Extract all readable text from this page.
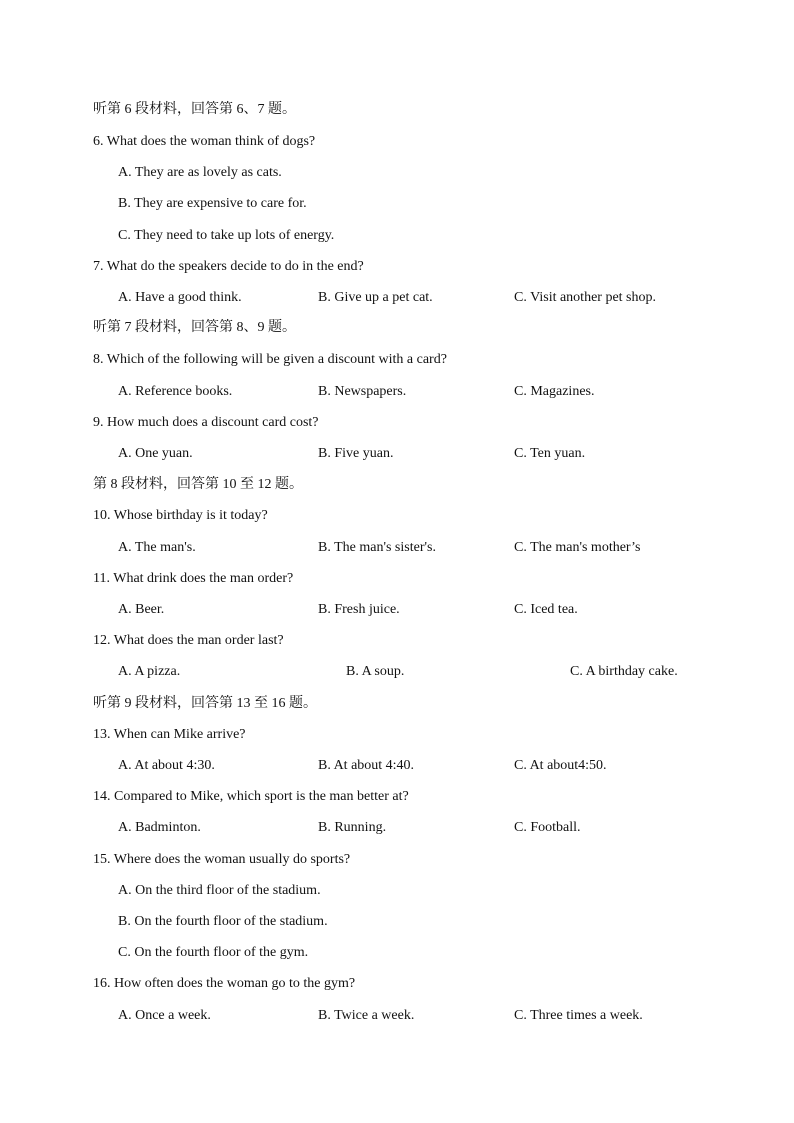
听第 6 段材料，回答第 6、7 题。
6. What does the woman think of dogs?
A. They are as lovely as cats.
B. They are expensive to care for.
C. They need to take up lots of energy.
7. What do the speakers decide to do in the end?
A. Have a good think.	B. Give up a pet cat.	C. Visit another pet shop.
听第 7 段材料，回答第 8、9 题。
8. Which of the following will be given a discount with a card?
A. Reference books.	B. Newspapers.	C. Magazines.
9. How much does a discount card cost?
A. One yuan.	B. Five yuan.	C. Ten yuan.
第 8 段材料，回答第 10 至 12 题。
10. Whose birthday is it today?
A. The man's.	B. The man's sister's.	C. The man's mother’s
11. What drink does the man order?
A. Beer.	B. Fresh juice.	C. Iced tea.
12. What does the man order last?
A. A pizza.	B. A soup.	C. A birthday cake.
听第 9 段材料，回答第 13 至 16 题。
13. When can Mike arrive?
A. At about 4:30.	B. At about 4:40.	C. At about4:50.
14. Compared to Mike, which sport is the man better at?
A. Badminton.	B. Running.	C. Football.
15. Where does the woman usually do sports?
A. On the third floor of the stadium.
B. On the fourth floor of the stadium.
C. On the fourth floor of the gym.
16. How often does the woman go to the gym?
A. Once a week.	B. Twice a week.	C. Three times a week.
